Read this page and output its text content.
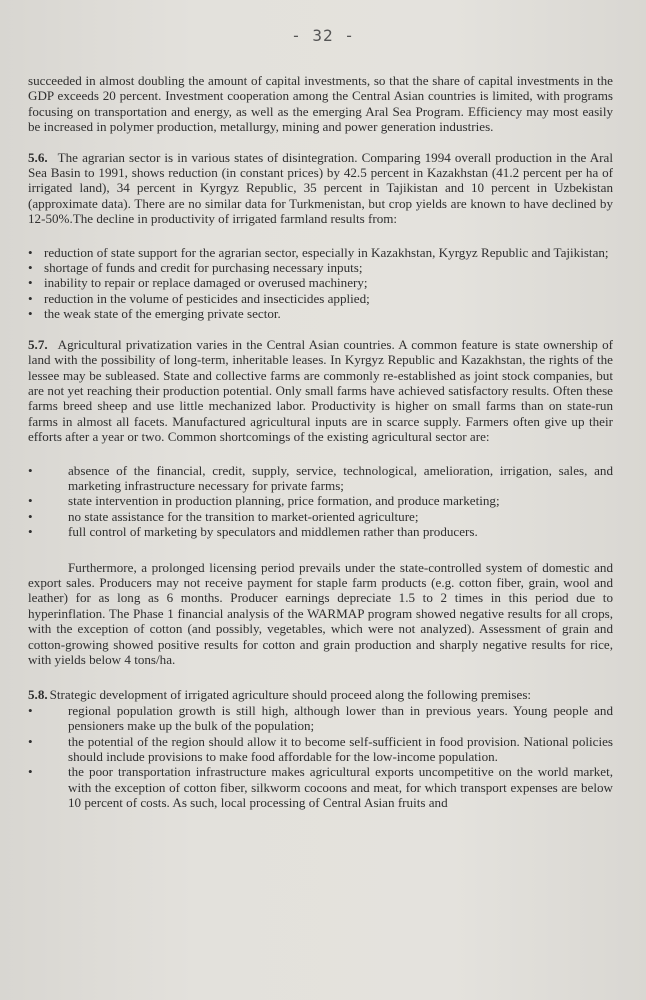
- 32 -

succeeded in almost doubling the amount of capital investments, so that the share of capital investments in the GDP exceeds 20 percent. Investment cooperation among the Central Asian countries is limited, with programs focusing on transportation and energy, as well as the emerging Aral Sea Program. Efficiency may most easily be increased in polymer production, metallurgy, mining and power generation industries.

5.6. The agrarian sector is in various states of disintegration. Comparing 1994 overall production in the Aral Sea Basin to 1991, shows reduction (in constant prices) by 42.5 percent in Kazakhstan (41.2 percent per ha of irrigated land), 34 percent in Kyrgyz Republic, 35 percent in Tajikistan and 10 percent in Uzbekistan (approximate data). There are no similar data for Turkmenistan, but crop yields are known to have declined by 12-50%.The decline in productivity of irrigated farmland results from:

• reduction of state support for the agrarian sector, especially in Kazakhstan, Kyrgyz Republic and Tajikistan;
• shortage of funds and credit for purchasing necessary inputs;
• inability to repair or replace damaged or overused machinery;
• reduction in the volume of pesticides and insecticides applied;
• the weak state of the emerging private sector.

5.7. Agricultural privatization varies in the Central Asian countries. A common feature is state ownership of land with the possibility of long-term, inheritable leases. In Kyrgyz Republic and Kazakhstan, the rights of the lessee may be subleased. State and collective farms are commonly re-established as joint stock companies, but are not yet reaching their production potential. Only small farms have achieved satisfactory results. Often these farms breed sheep and use little mechanized labor. Productivity is higher on small farms than on state-run farms in almost all facets. Manufactured agricultural inputs are in scarce supply. Farmers often give up their efforts after a year or two. Common shortcomings of the existing agricultural sector are:

• absence of the financial, credit, supply, service, technological, amelioration, irrigation, sales, and marketing infrastructure necessary for private farms;
• state intervention in production planning, price formation, and produce marketing;
• no state assistance for the transition to market-oriented agriculture;
• full control of marketing by speculators and middlemen rather than producers.

Furthermore, a prolonged licensing period prevails under the state-controlled system of domestic and export sales. Producers may not receive payment for staple farm products (e.g. cotton fiber, grain, wool and leather) for as long as 6 months. Producer earnings depreciate 1.5 to 2 times in this period due to hyperinflation. The Phase 1 financial analysis of the WARMAP program showed negative results for all crops, with the exception of cotton (and possibly, vegetables, which were not analyzed). Assessment of grain and cotton-growing showed positive results for cotton and grain production and sharply negative results for rice, with yields below 4 tons/ha.

5.8. Strategic development of irrigated agriculture should proceed along the following premises:

• regional population growth is still high, although lower than in previous years. Young people and pensioners make up the bulk of the population;
• the potential of the region should allow it to become self-sufficient in food provision. National policies should include provisions to make food affordable for the low-income population.
• the poor transportation infrastructure makes agricultural exports uncompetitive on the world market, with the exception of cotton fiber, silkworm cocoons and meat, for which transport expenses are below 10 percent of costs. As such, local processing of Central Asian fruits and
